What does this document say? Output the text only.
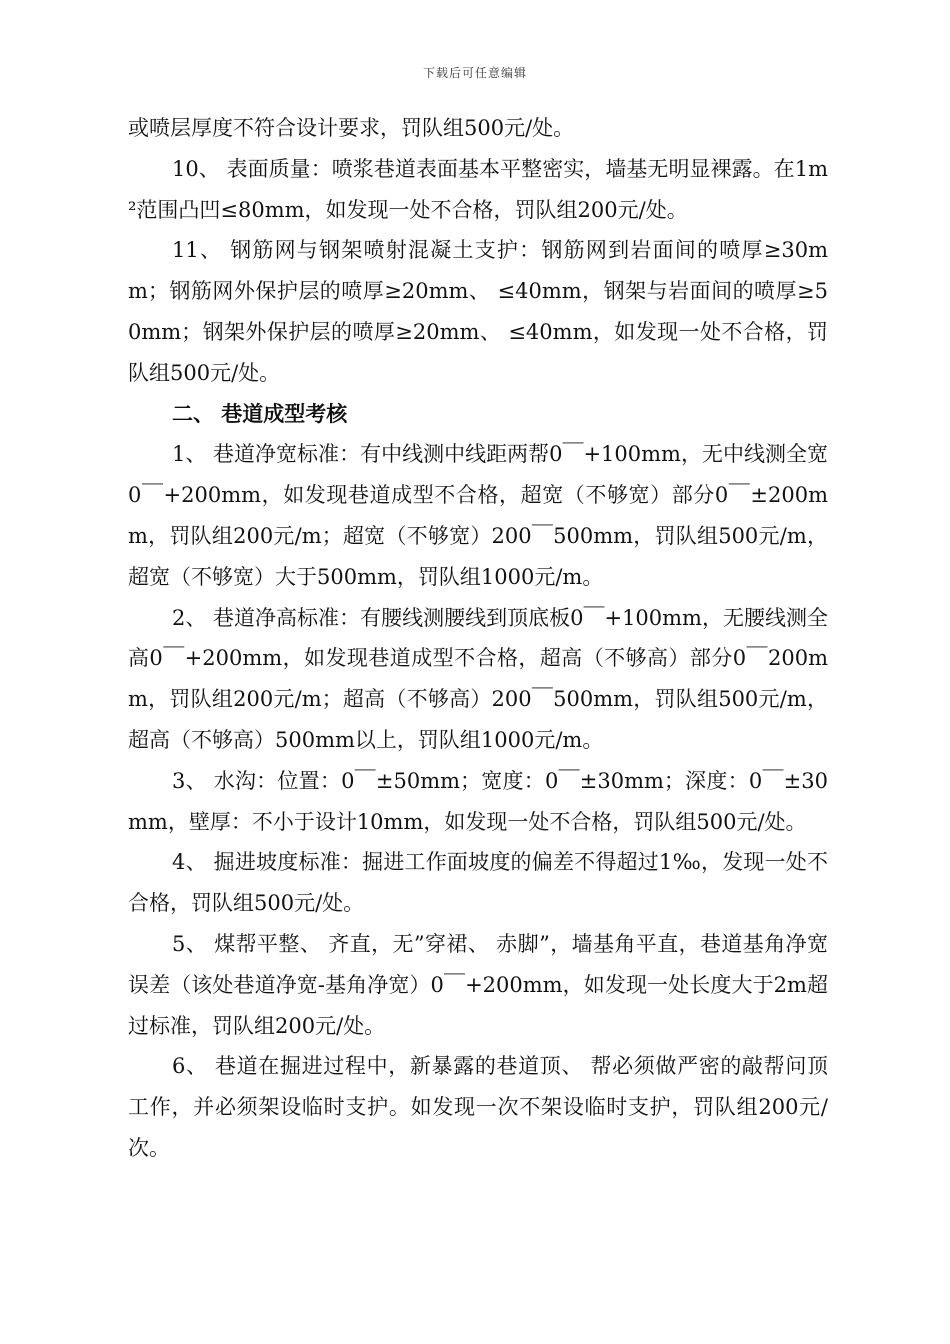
下载后可任意编辑

或喷层厚度不符合设计要求，罚队组500元/处。

10、 表面质量：喷浆巷道表面基本平整密实，墙基无明显裸露。在1m²范围凸凹≤80mm，如发现一处不合格，罚队组200元/处。

11、 钢筋网与钢架喷射混凝土支护：钢筋网到岩面间的喷厚≥30mm；钢筋网外保护层的喷厚≥20mm、 ≤40mm，钢架与岩面间的喷厚≥50mm；钢架外保护层的喷厚≥20mm、 ≤40mm，如发现一处不合格，罚队组500元/处。

二、 巷道成型考核

1、 巷道净宽标准：有中线测中线距两帮0￣+100mm，无中线测全宽0￣+200mm，如发现巷道成型不合格，超宽（不够宽）部分0￣±200mm，罚队组200元/m；超宽（不够宽）200￣500mm，罚队组500元/m，超宽（不够宽）大于500mm，罚队组1000元/m。

2、 巷道净高标准：有腰线测腰线到顶底板0￣+100mm，无腰线测全高0￣+200mm，如发现巷道成型不合格，超高（不够高）部分0￣200mm，罚队组200元/m；超高（不够高）200￣500mm，罚队组500元/m，超高（不够高）500mm以上，罚队组1000元/m。

3、 水沟：位置：0￣±50mm；宽度：0￣±30mm；深度：0￣±30mm，壁厚：不小于设计10mm，如发现一处不合格，罚队组500元/处。

4、 掘进坡度标准：掘进工作面坡度的偏差不得超过1‰，发现一处不合格，罚队组500元/处。

5、 煤帮平整、 齐直，无”穿裙、 赤脚”，墙基角平直，巷道基角净宽误差（该处巷道净宽-基角净宽）0￣+200mm，如发现一处长度大于2m超过标准，罚队组200元/处。

6、 巷道在掘进过程中，新暴露的巷道顶、 帮必须做严密的敲帮问顶工作，并必须架设临时支护。如发现一次不架设临时支护，罚队组200元/次。
